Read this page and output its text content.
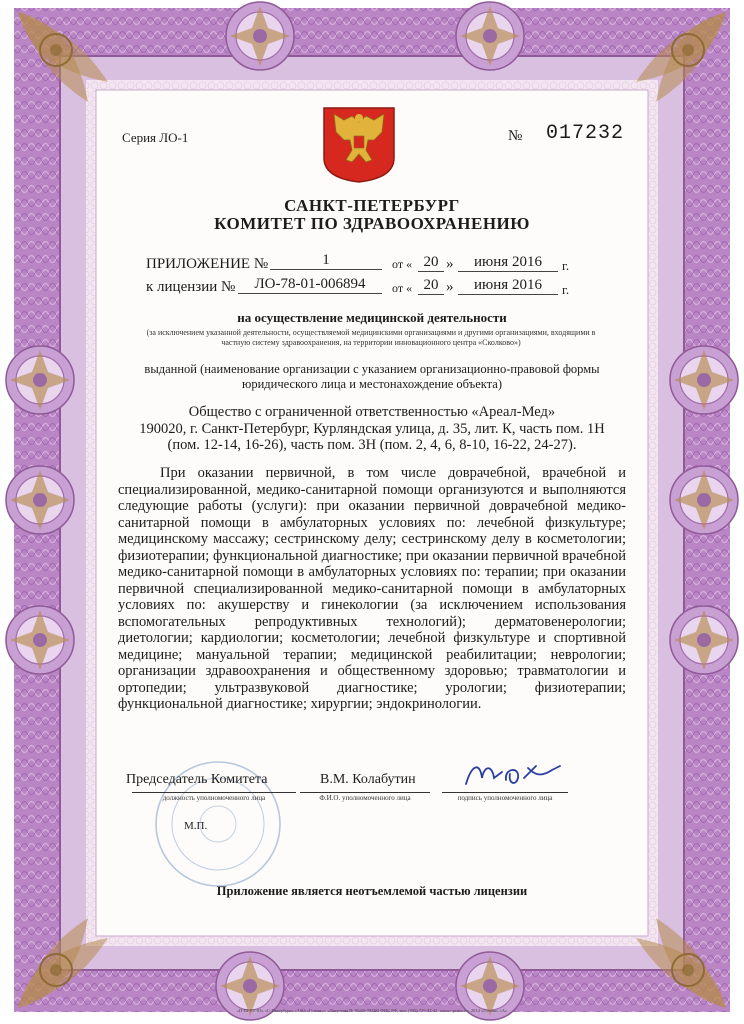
Серия ЛО-1	№ 017232
САНКТ-ПЕТЕРБУРГ
КОМИТЕТ ПО ЗДРАВООХРАНЕНИЮ
ПРИЛОЖЕНИЕ №	1	от « 20 »	июня 2016	г.
к лицензии №	ЛО-78-01-006894	от « 20 »	июня 2016	г.
на осуществление медицинской деятельности
(за исключением указанной деятельности, осуществляемой медицинскими организациями и другими организациями, входящими в частную систему здравоохранения, на территории инновационного центра «Сколково»)
выданной (наименование организации с указанием организационно-правовой формы юридического лица и местонахождение объекта)
Общество с ограниченной ответственностью «Ареал-Мед»
190020, г. Санкт-Петербург, Курляндская улица, д. 35, лит. К, часть пом. 1Н
(пом. 12-14, 16-26), часть пом. 3Н (пом. 2, 4, 6, 8-10, 16-22, 24-27).
При оказании первичной, в том числе доврачебной, врачебной и специализированной, медико-санитарной помощи организуются и выполняются следующие работы (услуги): при оказании первичной доврачебной медико-санитарной помощи в амбулаторных условиях по: лечебной физкультуре; медицинскому массажу; сестринскому делу; сестринскому делу в косметологии; физиотерапии; функциональной диагностике; при оказании первичной врачебной медико-санитарной помощи в амбулаторных условиях по: терапии; при оказании первичной специализированной медико-санитарной помощи в амбулаторных условиях по: акушерству и гинекологии (за исключением использования вспомогательных репродуктивных технологий); дерматовенерологии; диетологии; кардиологии; косметологии; лечебной физкультуре и спортивной медицине; мануальной терапии; медицинской реабилитации; неврологии; организации здравоохранения и общественному здоровью; травматологии и ортопедии; ультразвуковой диагностике; урологии; физиотерапии; функциональной диагностике; хирургии; эндокринологии.
Председатель Комитета	В.М. Колабутин
должность уполномоченного лица	Ф.И.О. уполномоченного лица	подпись уполномоченного лица
М.П.
Приложение является неотъемлемой частью лицензии
«П-Ш-ЕТ-03» «С-Петербург» «ЗАО «Гознак»» «Лицензия № 05-05-09/003 ФНС РФ, тел. (495) 726-47-42, www.opcion.ru» 2014 «Гознак» «А»
